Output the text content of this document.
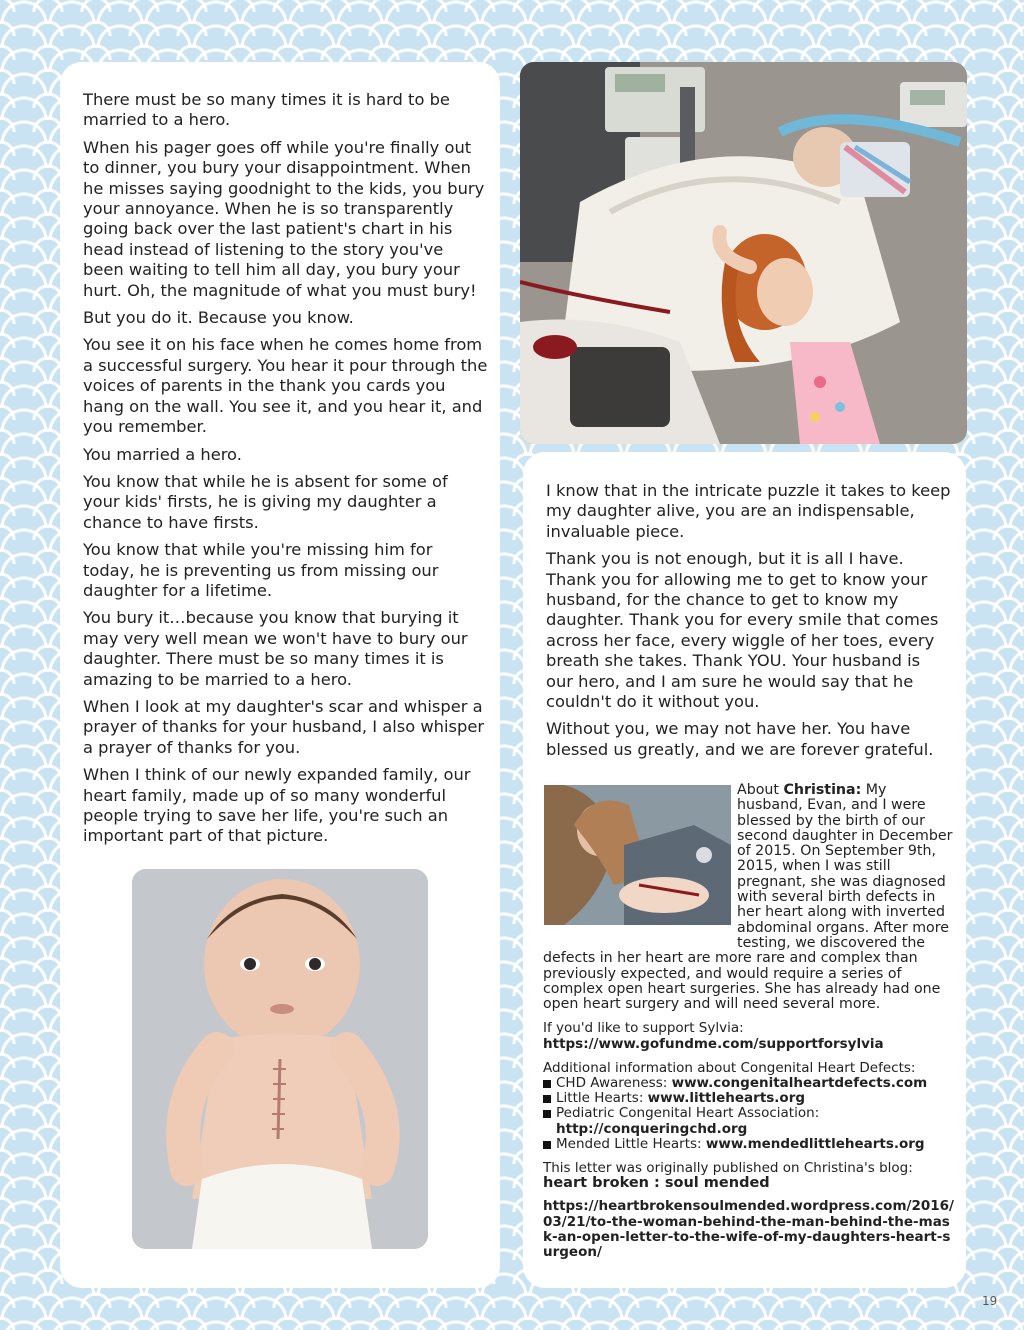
There must be so many times it is hard to be married to a hero.

When his pager goes off while you're finally out to dinner, you bury your disappointment. When he misses saying goodnight to the kids, you bury your annoyance. When he is so transparently going back over the last patient's chart in his head instead of listening to the story you've been waiting to tell him all day, you bury your hurt. Oh, the magnitude of what you must bury!

But you do it. Because you know.

You see it on his face when he comes home from a successful surgery. You hear it pour through the voices of parents in the thank you cards you hang on the wall. You see it, and you hear it, and you remember.

You married a hero.

You know that while he is absent for some of your kids' firsts, he is giving my daughter a chance to have firsts.

You know that while you're missing him for today, he is preventing us from missing our daughter for a lifetime.

You bury it…because you know that burying it may very well mean we won't have to bury our daughter. There must be so many times it is amazing to be married to a hero.

When I look at my daughter's scar and whisper a prayer of thanks for your husband, I also whisper a prayer of thanks for you.

When I think of our newly expanded family, our heart family, made up of so many wonderful people trying to save her life, you're such an important part of that picture.

I know that in the intricate puzzle it takes to keep my daughter alive, you are an indispensable, invaluable piece.

Thank you is not enough, but it is all I have. Thank you for allowing me to get to know your husband, for the chance to get to know my daughter. Thank you for every smile that comes across her face, every wiggle of her toes, every breath she takes. Thank YOU. Your husband is our hero, and I am sure he would say that he couldn't do it without you.

Without you, we may not have her. You have blessed us greatly, and we are forever grateful.

About Christina: My husband, Evan, and I were blessed by the birth of our second daughter in December of 2015. On September 9th, 2015, when I was still pregnant, she was diagnosed with several birth defects in her heart along with inverted abdominal organs. After more testing, we discovered the defects in her heart are more rare and complex than previously expected, and would require a series of complex open heart surgeries. She has already had one open heart surgery and will need several more.

If you'd like to support Sylvia: https://www.gofundme.com/supportforsylvia

Additional information about Congenital Heart Defects:
CHD Awareness: www.congenitalheartdefects.com
Little Hearts: www.littlehearts.org
Pediatric Congenital Heart Association:
http://conqueringchd.org
Mended Little Hearts: www.mendedlittlehearts.org
This letter was originally published on Christina's blog:
heart broken : soul mended
https://heartbrokensoulmended.wordpress.com/2016/03/21/to-the-woman-behind-the-man-behind-the-mask-an-open-letter-to-the-wife-of-my-daughters-heart-surgeon/
19
